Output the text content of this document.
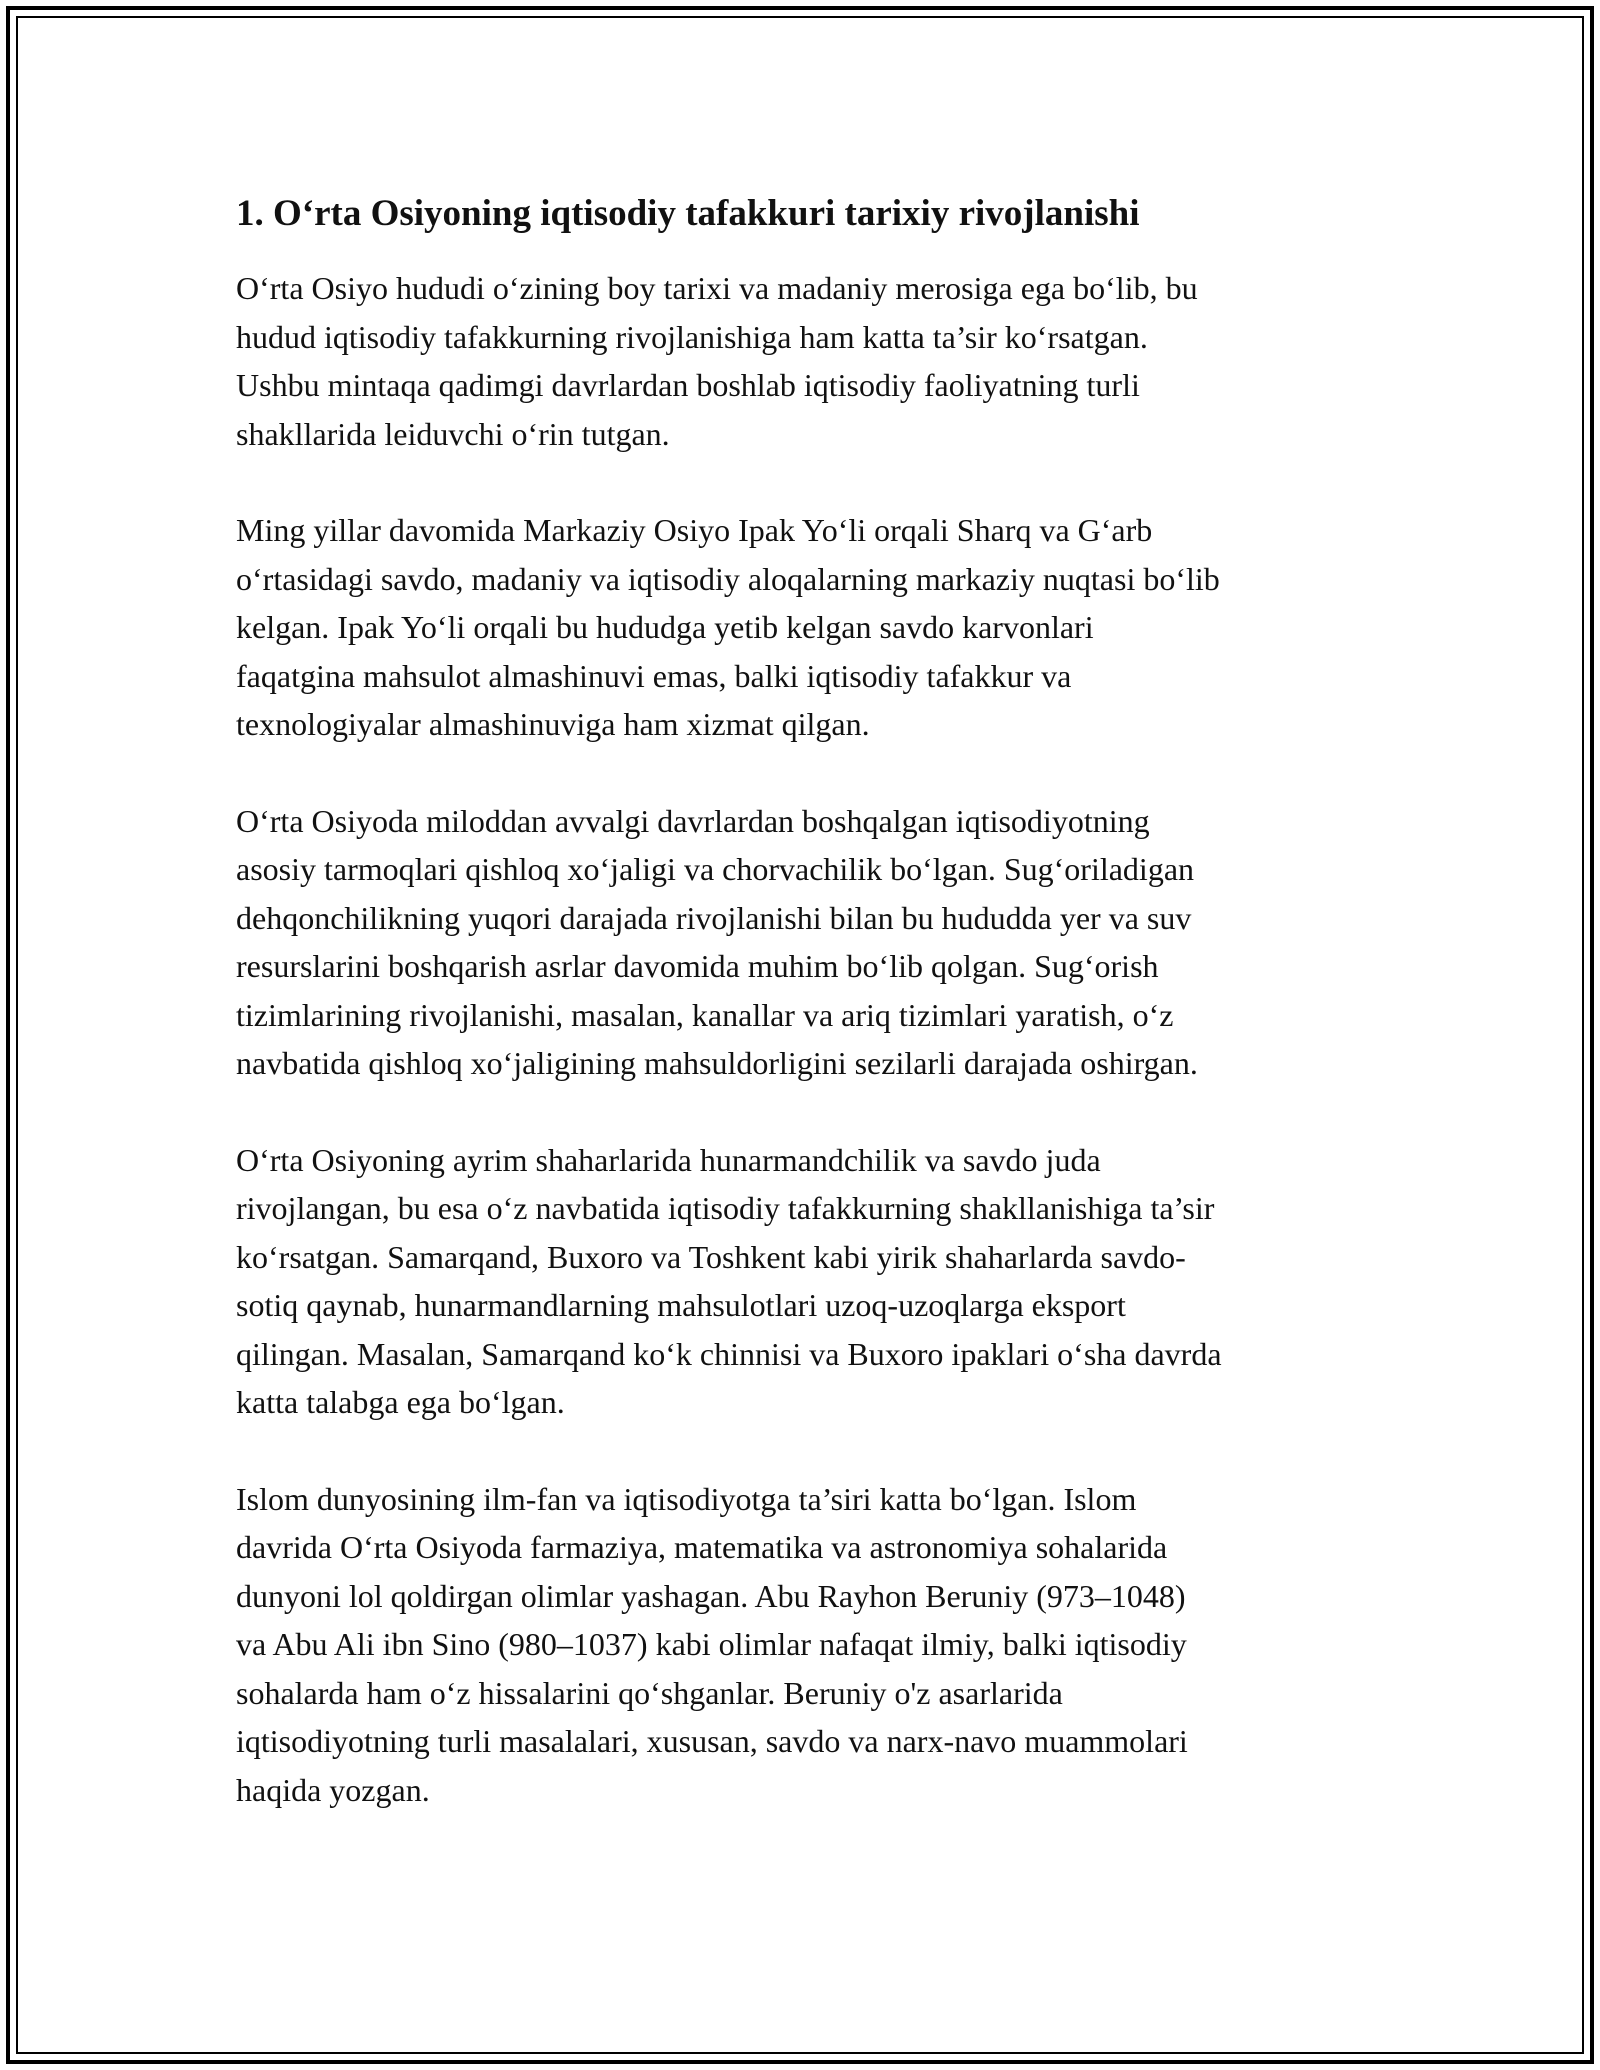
1. O‘rta Osiyoning iqtisodiy tafakkuri tarixiy rivojlanishi

O‘rta Osiyo hududi o‘zining boy tarixi va madaniy merosiga ega bo‘lib, bu
hudud iqtisodiy tafakkurning rivojlanishiga ham katta ta’sir ko‘rsatgan.
Ushbu mintaqa qadimgi davrlardan boshlab iqtisodiy faoliyatning turli
shakllarida leiduvchi o‘rin tutgan.

Ming yillar davomida Markaziy Osiyo Ipak Yo‘li orqali Sharq va G‘arb
o‘rtasidagi savdo, madaniy va iqtisodiy aloqalarning markaziy nuqtasi bo‘lib
kelgan. Ipak Yo‘li orqali bu hududga yetib kelgan savdo karvonlari
faqatgina mahsulot almashinuvi emas, balki iqtisodiy tafakkur va
texnologiyalar almashinuviga ham xizmat qilgan.

O‘rta Osiyoda miloddan avvalgi davrlardan boshqalgan iqtisodiyotning
asosiy tarmoqlari qishloq xo‘jaligi va chorvachilik bo‘lgan. Sug‘oriladigan
dehqonchilikning yuqori darajada rivojlanishi bilan bu hududda yer va suv
resurslarini boshqarish asrlar davomida muhim bo‘lib qolgan. Sug‘orish
tizimlarining rivojlanishi, masalan, kanallar va ariq tizimlari yaratish, o‘z
navbatida qishloq xo‘jaligining mahsuldorligini sezilarli darajada oshirgan.

O‘rta Osiyoning ayrim shaharlarida hunarmandchilik va savdo juda
rivojlangan, bu esa o‘z navbatida iqtisodiy tafakkurning shakllanishiga ta’sir
ko‘rsatgan. Samarqand, Buxoro va Toshkent kabi yirik shaharlarda savdo-
sotiq qaynab, hunarmandlarning mahsulotlari uzoq-uzoqlarga eksport
qilingan. Masalan, Samarqand ko‘k chinnisi va Buxoro ipaklari o‘sha davrda
katta talabga ega bo‘lgan.

Islom dunyosining ilm-fan va iqtisodiyotga ta’siri katta bo‘lgan. Islom
davrida O‘rta Osiyoda farmaziya, matematika va astronomiya sohalarida
dunyoni lol qoldirgan olimlar yashagan. Abu Rayhon Beruniy (973–1048)
va Abu Ali ibn Sino (980–1037) kabi olimlar nafaqat ilmiy, balki iqtisodiy
sohalarda ham o‘z hissalarini qo‘shganlar. Beruniy o'z asarlarida
iqtisodiyotning turli masalalari, xususan, savdo va narx-navo muammolari
haqida yozgan.
